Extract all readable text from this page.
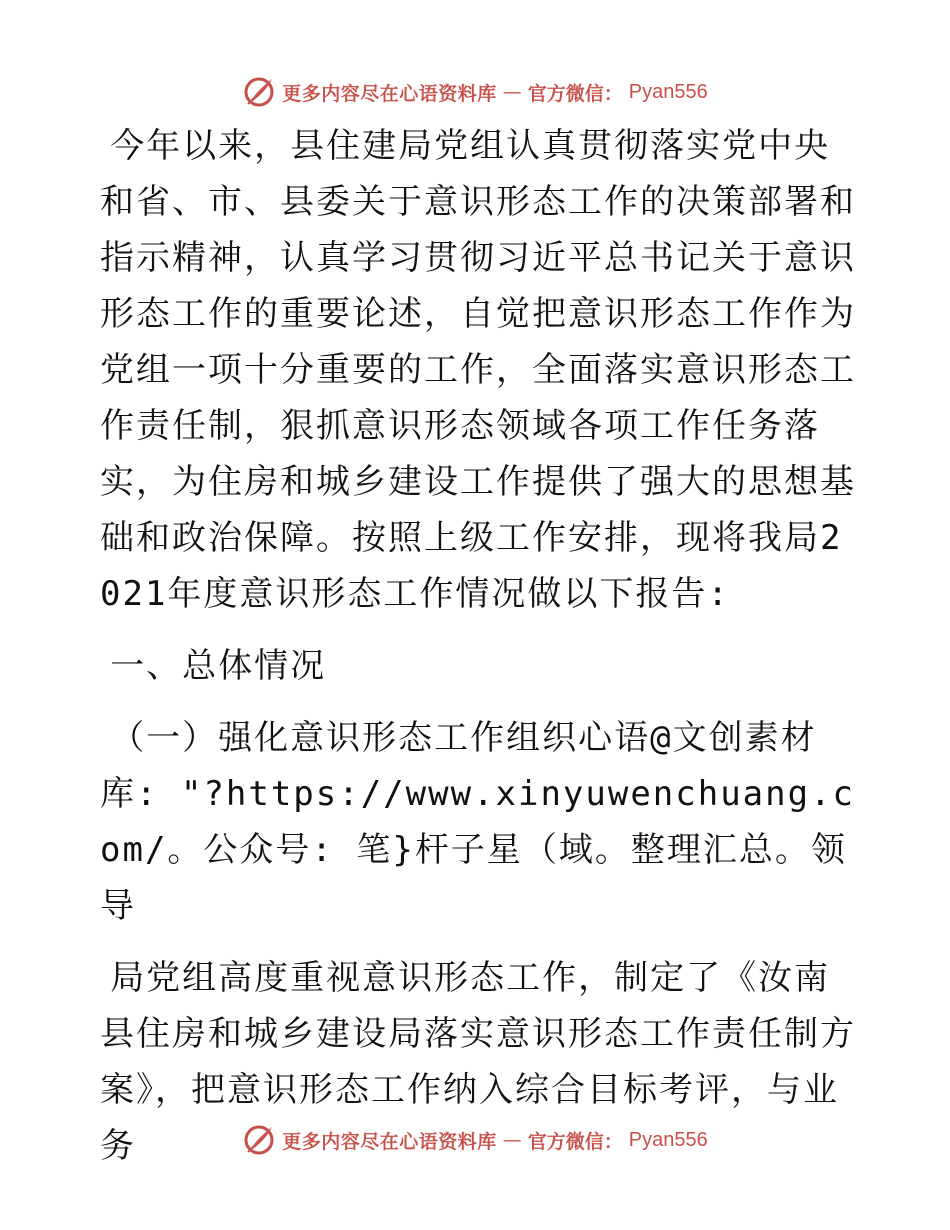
更多内容尽在心语资料库 — 官方微信： Pyan556

今年以来，县住建局党组认真贯彻落实党中央和省、市、县委关于意识形态工作的决策部署和指示精神，认真学习贯彻习近平总书记关于意识形态工作的重要论述，自觉把意识形态工作作为党组一项十分重要的工作，全面落实意识形态工作责任制，狠抓意识形态领域各项工作任务落实，为住房和城乡建设工作提供了强大的思想基础和政治保障。按照上级工作安排，现将我局2021年度意识形态工作情况做以下报告:

一、总体情况

（一）强化意识形态工作组织心语@文创素材库: "?https://www.xinyuwenchuang.com/。公众号: 笔}杆子星（域。整理汇总。领导

局党组高度重视意识形态工作，制定了《汝南县住房和城乡建设局落实意识形态工作责任制方案》，把意识形态工作纳入综合目标考评，与业务	更多内容尽在心语资料库 — 官方微信： Pyan556
